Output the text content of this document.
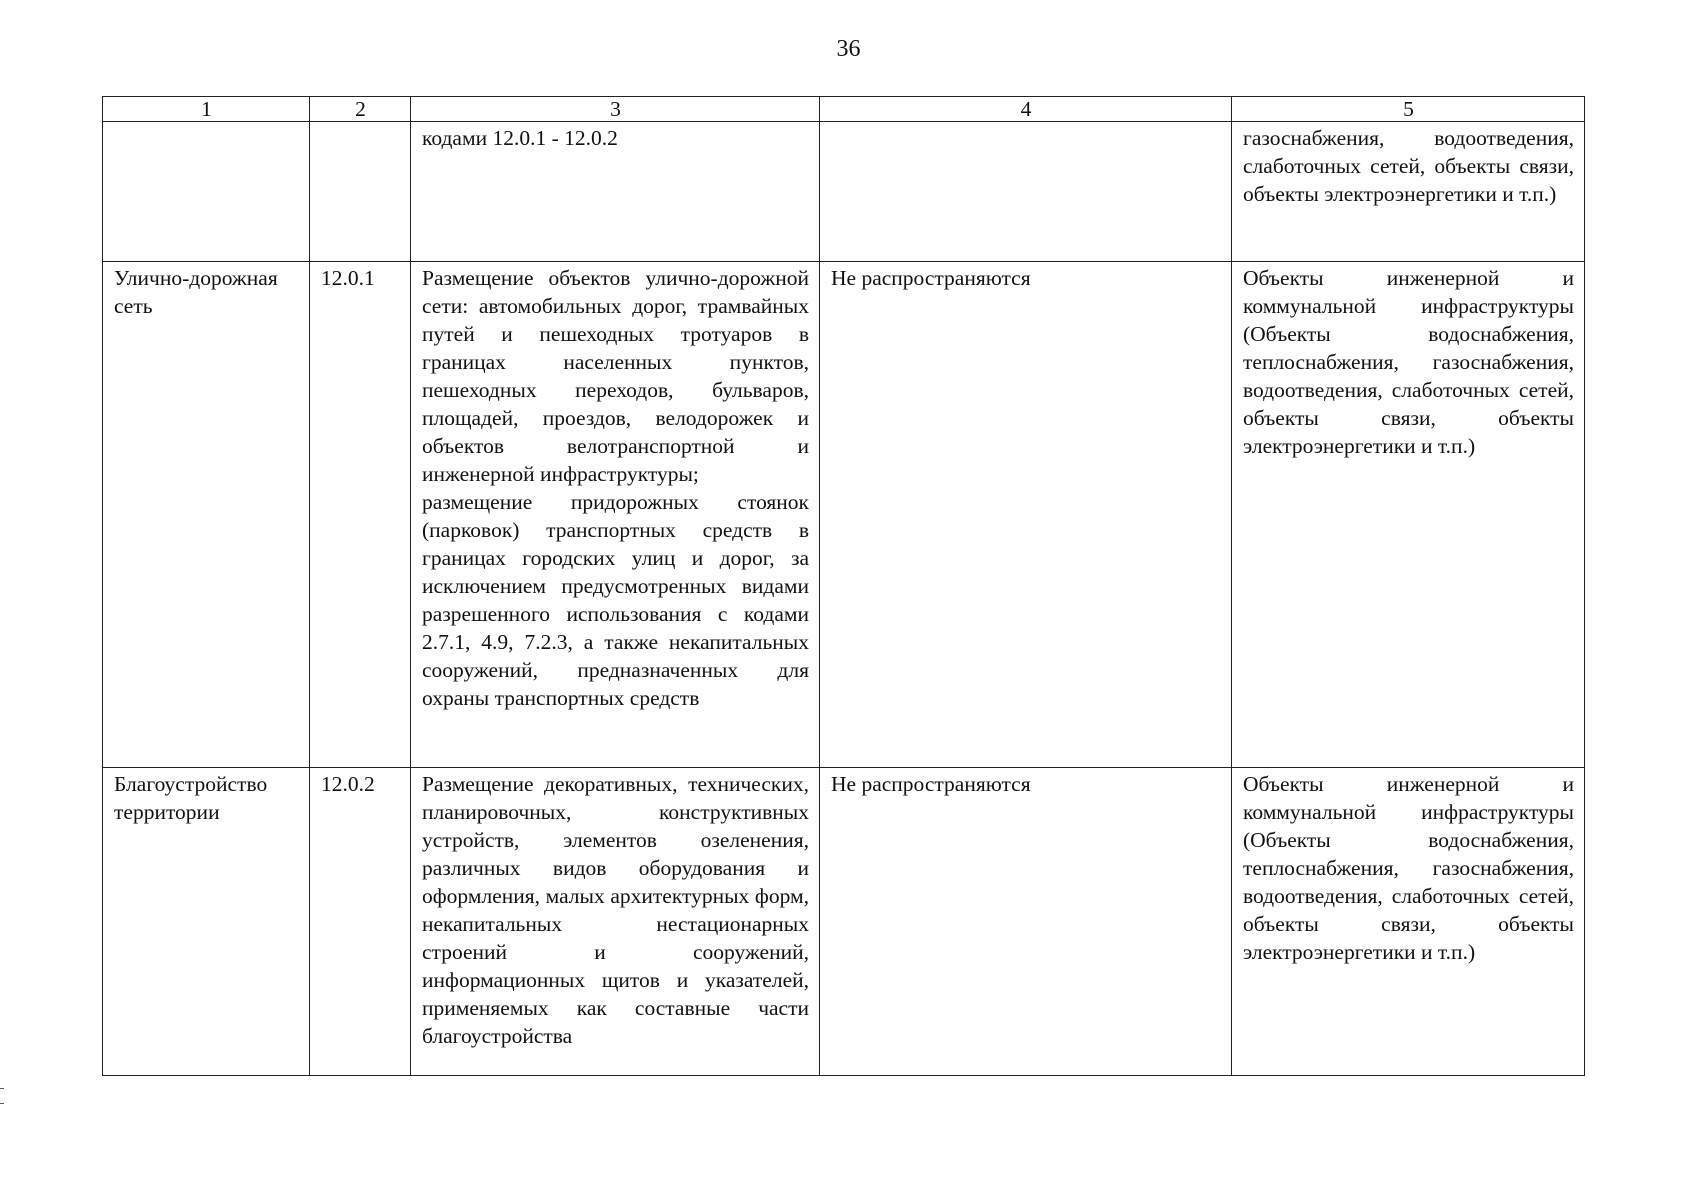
36
1	2	3	4	5

		кодами 12.0.1 - 12.0.2		газоснабжения, водоотведения, слаботочных сетей, объекты связи, объекты электроэнергетики и т.п.)
Улично-дорожная сеть	12.0.1	Размещение объектов улично-дорожной сети: автомобильных дорог, трамвайных путей и пешеходных тротуаров в границах населенных пунктов, пешеходных переходов, бульваров, площадей, проездов, велодорожек и объектов велотранспортной и инженерной инфраструктуры;
размещение придорожных стоянок (парковок) транспортных средств в границах городских улиц и дорог, за исключением предусмотренных видами разрешенного использования с кодами 2.7.1, 4.9, 7.2.3, а также некапитальных сооружений, предназначенных для охраны транспортных средств	Не распространяются	Объекты инженерной и коммунальной инфраструктуры (Объекты водоснабжения, теплоснабжения, газоснабжения, водоотведения, слаботочных сетей, объекты связи, объекты электроэнергетики и т.п.)
Благоустройство территории	12.0.2	Размещение декоративных, технических, планировочных, конструктивных устройств, элементов озеленения, различных видов оборудования и оформления, малых архитектурных форм, некапитальных нестационарных строений и сооружений, информационных щитов и указателей, применяемых как составные части благоустройства	Не распространяются	Объекты инженерной и коммунальной инфраструктуры (Объекты водоснабжения, теплоснабжения, газоснабжения, водоотведения, слаботочных сетей, объекты связи, объекты электроэнергетики и т.п.)
